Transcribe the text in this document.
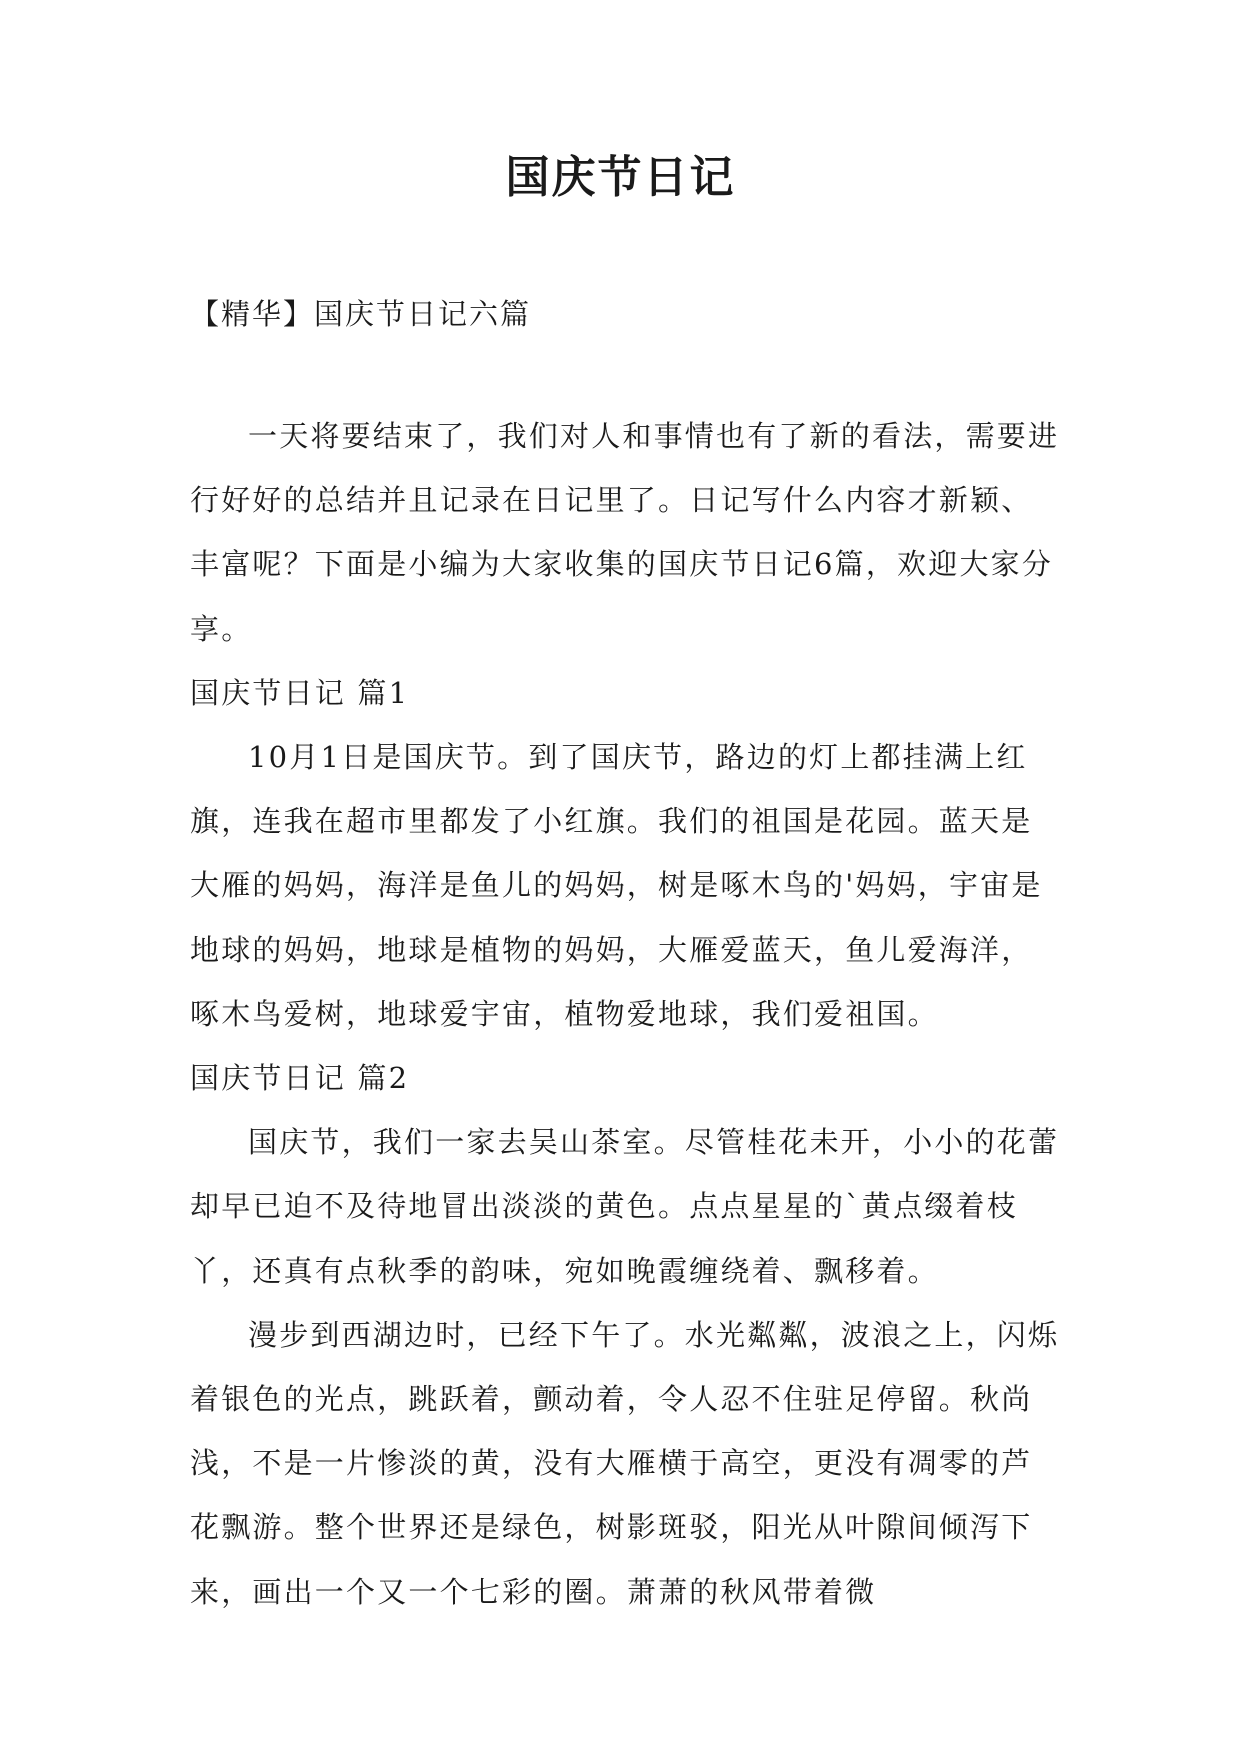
国庆节日记
【精华】国庆节日记六篇

一天将要结束了，我们对人和事情也有了新的看法，需要进行好好的总结并且记录在日记里了。日记写什么内容才新颖、丰富呢？下面是小编为大家收集的国庆节日记6篇，欢迎大家分享。

国庆节日记 篇1

10月1日是国庆节。到了国庆节，路边的灯上都挂满上红旗，连我在超市里都发了小红旗。我们的祖国是花园。蓝天是大雁的妈妈，海洋是鱼儿的妈妈，树是啄木鸟的'妈妈，宇宙是地球的妈妈，地球是植物的妈妈，大雁爱蓝天，鱼儿爱海洋，啄木鸟爱树，地球爱宇宙，植物爱地球，我们爱祖国。

国庆节日记 篇2

国庆节，我们一家去吴山茶室。尽管桂花未开，小小的花蕾却早已迫不及待地冒出淡淡的黄色。点点星星的`黄点缀着枝丫，还真有点秋季的韵味，宛如晚霞缠绕着、飘移着。

漫步到西湖边时，已经下午了。水光粼粼，波浪之上，闪烁着银色的光点，跳跃着，颤动着，令人忍不住驻足停留。秋尚浅，不是一片惨淡的黄，没有大雁横于高空，更没有凋零的芦花飘游。整个世界还是绿色，树影斑驳，阳光从叶隙间倾泻下来，画出一个又一个七彩的圈。萧萧的秋风带着微
